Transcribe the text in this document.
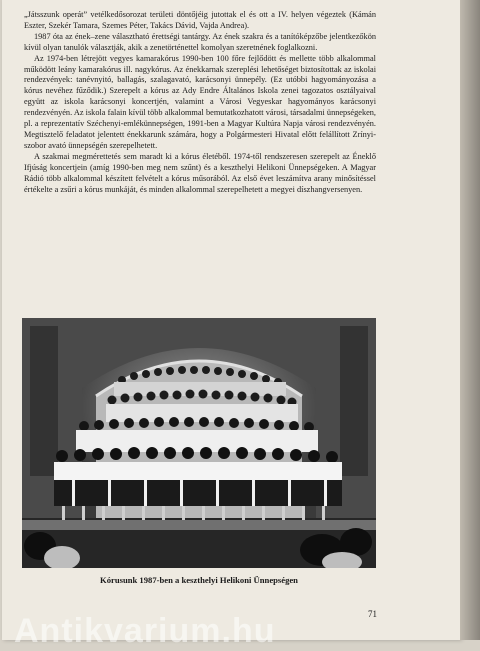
„Játsszunk operát” vetélkedősorozat területi döntőjéig jutottak el és ott a IV. helyen végeztek (Kámán Eszter, Szekér Tamara, Szemes Péter, Takács Dávid, Vajda Andrea).

1987 óta az ének–zene választható érettségi tantárgy. Az ének szakra és a tanítóképzőbe jelentkezőkön kívül olyan tanulók választják, akik a zenetörténettel komolyan szeretnének foglalkozni.

Az 1974-ben létrejött vegyes kamarakórus 1990-ben 100 főre fejlődött és mellette több alkalommal működött leány kamarakórus ill. nagykórus. Az énekkarnak szereplési lehetőséget biztosítottak az iskolai rendezvények: tanévnyitó, ballagás, szalagavató, karácsonyi ünnepély. (Ez utóbbi hagyományozása a kórus nevéhez fűződik.) Szerepelt a kórus az Ady Endre Általános Iskola zenei tagozatos osztályaival együtt az iskola karácsonyi koncertjén, valamint a Városi Vegyeskar hagyományos karácsonyi rendezvényén. Az iskola falain kívül több alkalommal bemutatkozhatott városi, társadalmi ünnepségeken, pl. a reprezentatív Széchenyi-emlékünnepségen, 1991-ben a Magyar Kultúra Napja városi rendezvényén. Megtisztelő feladatot jelentett énekkarunk számára, hogy a Polgármesteri Hivatal előtt felállított Zrínyi-szobor avató ünnepségén szerepelhetett.

A szakmai megmérettetés sem maradt ki a kórus életéből. 1974-től rendszeresen szerepelt az Éneklő Ifjúság koncertjein (amíg 1990-ben meg nem szűnt) és a keszthelyi Helikoni Ünnepségeken. A Magyar Rádió több alkalommal készített felvételt a kórus műsorából. Az első évet leszámítva arany minősítéssel értékelte a zsűri a kórus munkáját, és minden alkalommal szerepelhetett a megyei díszhangversenyen.

Kórusunk 1987-ben a keszthelyi Helikoni Ünnepségen
71
Antikvarium.hu
